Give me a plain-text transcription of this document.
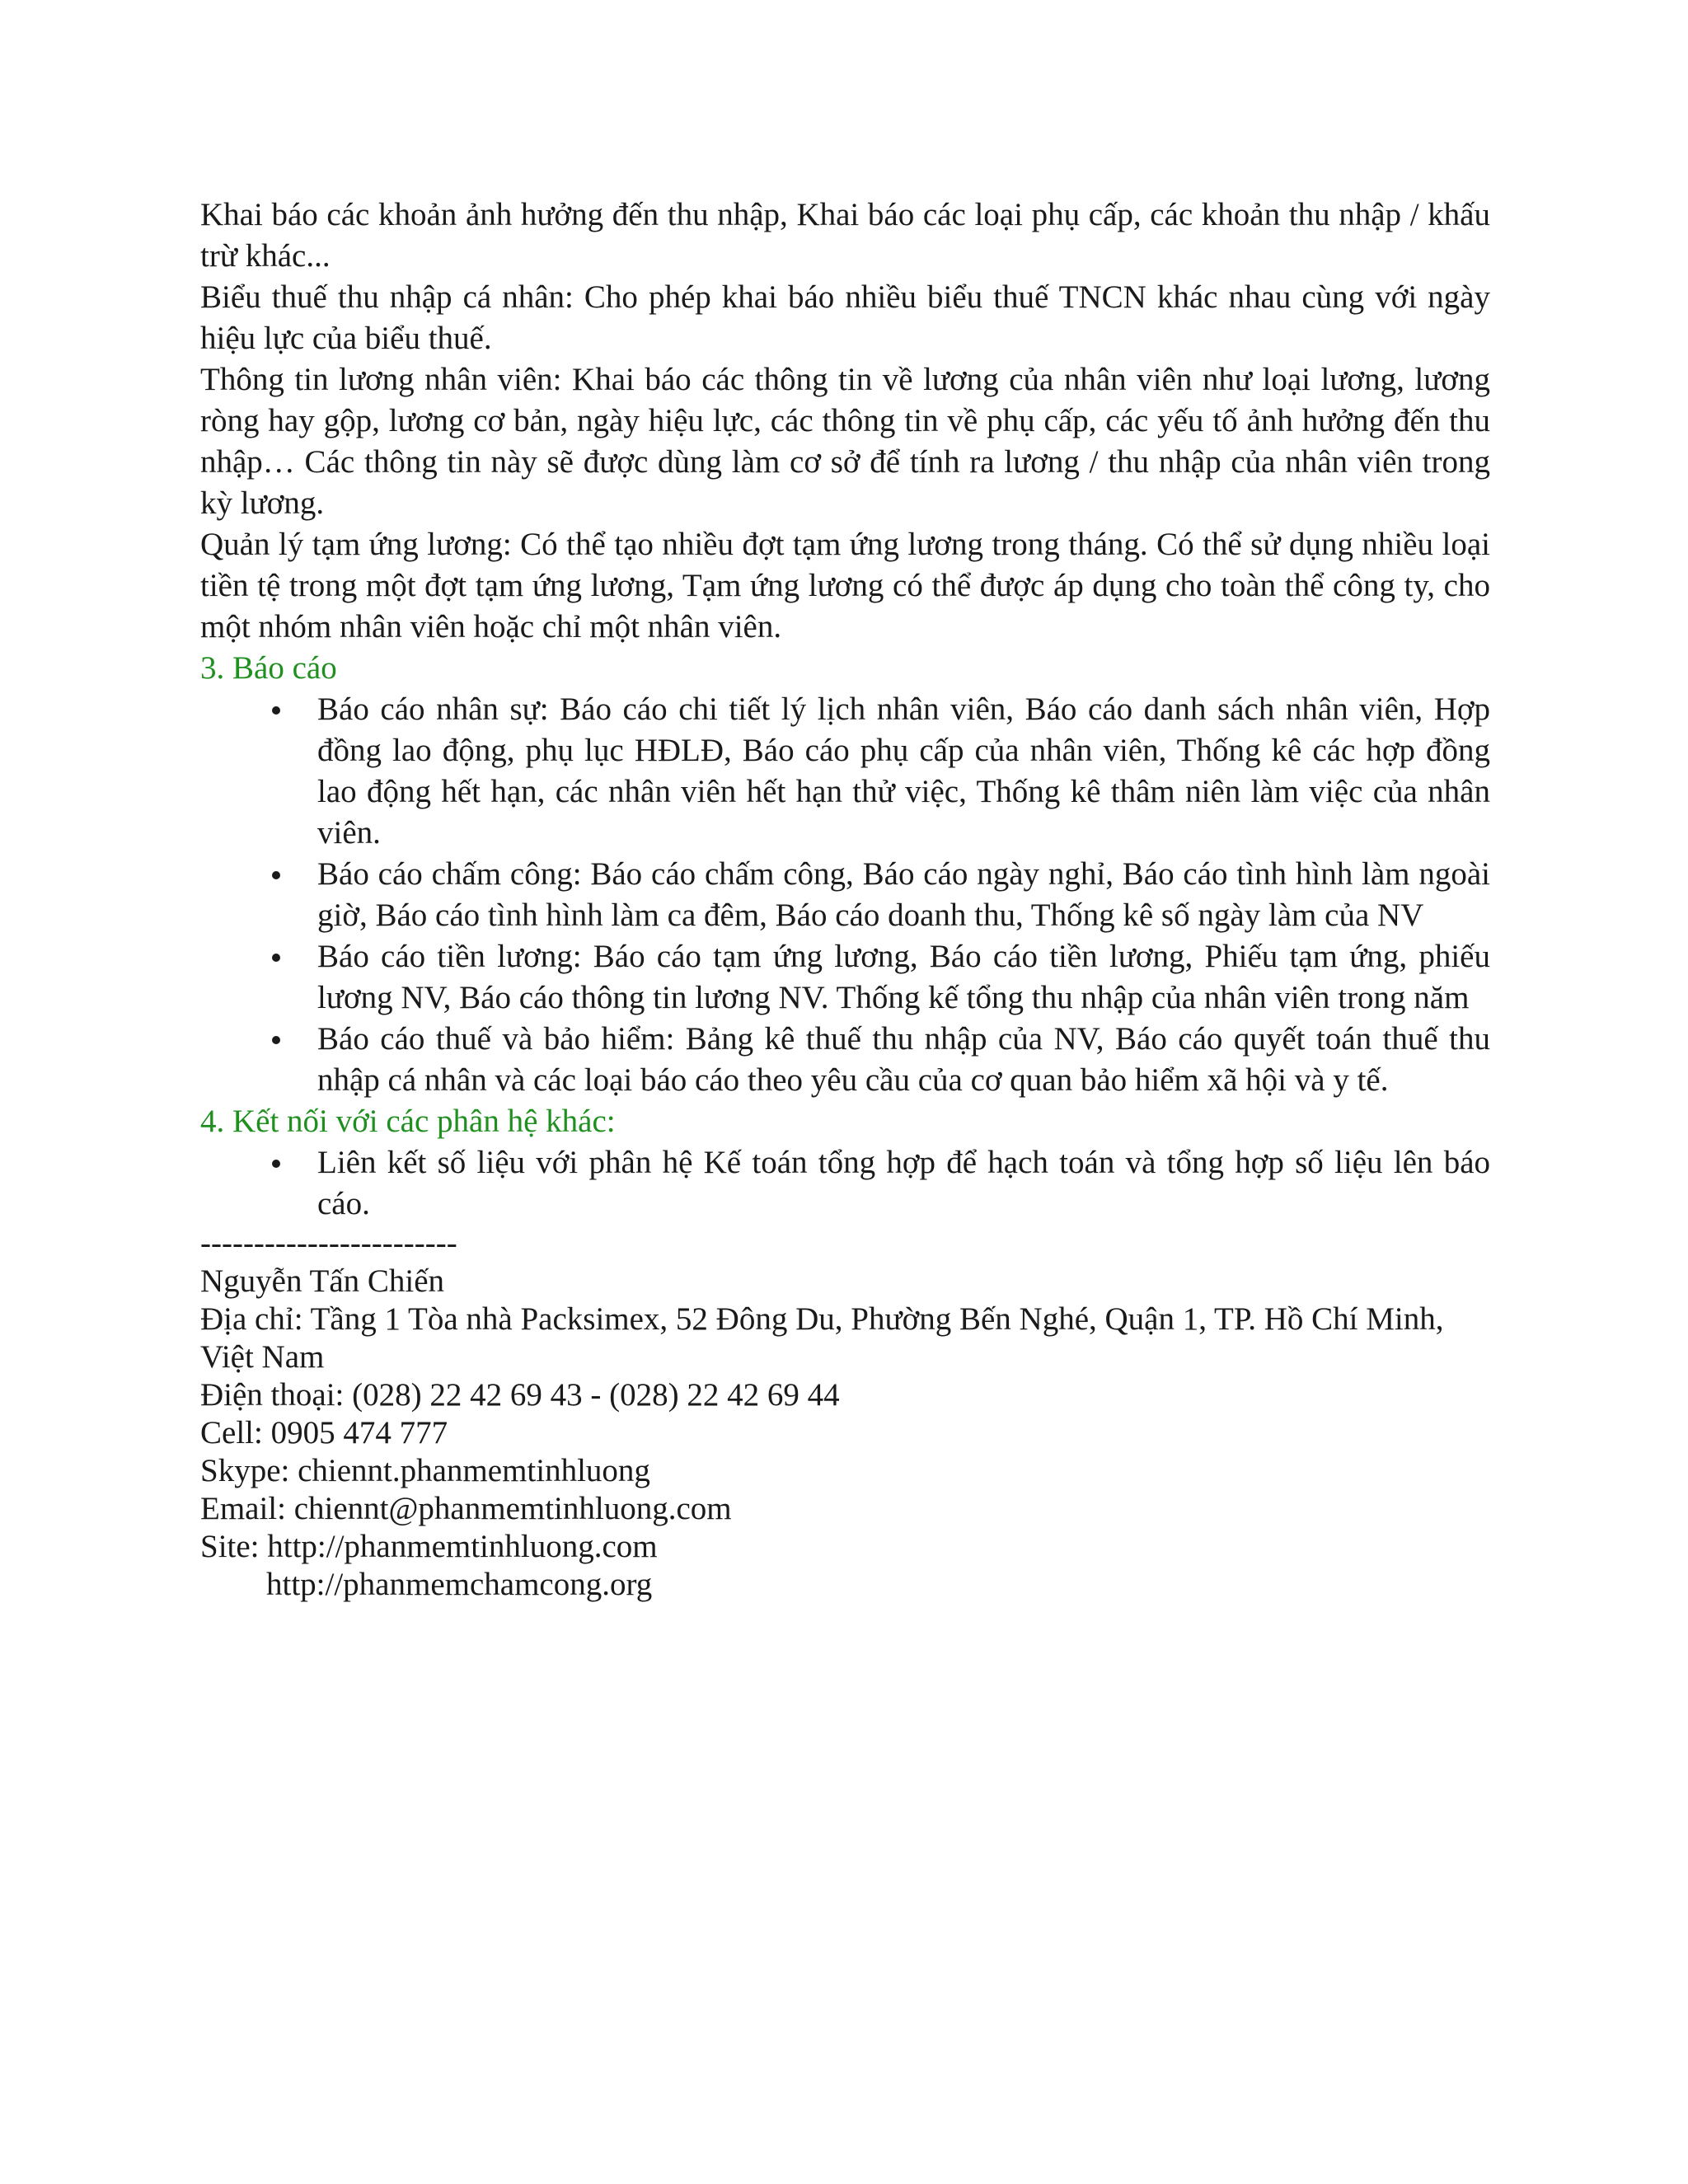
Khai báo các khoản ảnh hưởng đến thu nhập, Khai báo các loại phụ cấp, các khoản thu nhập / khấu trừ khác...

Biểu thuế thu nhập cá nhân: Cho phép khai báo nhiều biểu thuế TNCN khác nhau cùng với ngày hiệu lực của biểu thuế.

Thông tin lương nhân viên: Khai báo các thông tin về lương của nhân viên như loại lương, lương ròng hay gộp, lương cơ bản, ngày hiệu lực, các thông tin về phụ cấp, các yếu tố ảnh hưởng đến thu nhập… Các thông tin này sẽ được dùng làm cơ sở để tính ra lương / thu nhập của nhân viên trong kỳ lương.

Quản lý tạm ứng lương: Có thể tạo nhiều đợt tạm ứng lương trong tháng. Có thể sử dụng nhiều loại tiền tệ trong một đợt tạm ứng lương, Tạm ứng lương có thể được áp dụng cho toàn thể công ty, cho một nhóm nhân viên hoặc chỉ một nhân viên.

3. Báo cáo

Báo cáo nhân sự: Báo cáo chi tiết lý lịch nhân viên, Báo cáo danh sách nhân viên, Hợp đồng lao động, phụ lục HĐLĐ, Báo cáo phụ cấp của nhân viên, Thống kê các hợp đồng lao động hết hạn, các nhân viên hết hạn thử việc, Thống kê thâm niên làm việc của nhân viên.
Báo cáo chấm công: Báo cáo chấm công, Báo cáo ngày nghỉ, Báo cáo tình hình làm ngoài giờ, Báo cáo tình hình làm ca đêm, Báo cáo doanh thu, Thống kê số ngày làm của NV
Báo cáo tiền lương: Báo cáo tạm ứng lương, Báo cáo tiền lương, Phiếu tạm ứng, phiếu lương NV, Báo cáo thông tin lương NV. Thống kế tổng thu nhập của nhân viên trong năm
Báo cáo thuế và bảo hiểm: Bảng kê thuế thu nhập của NV, Báo cáo quyết toán thuế thu nhập cá nhân và các loại báo cáo theo yêu cầu của cơ quan bảo hiểm xã hội và y tế.

4. Kết nối với các phân hệ khác:

Liên kết số liệu với phân hệ Kế toán tổng hợp để hạch toán và tổng hợp số liệu lên báo cáo.

------------------------

Nguyễn Tấn Chiến

Địa chỉ: Tầng 1 Tòa nhà Packsimex, 52 Đông Du, Phường Bến Nghé, Quận 1, TP. Hồ Chí Minh, Việt Nam

Điện thoại: (028) 22 42 69 43 - (028) 22 42 69 44

Cell: 0905 474 777

Skype: chiennt.phanmemtinhluong

Email: chiennt@phanmemtinhluong.com

Site: http://phanmemtinhluong.com

http://phanmemchamcong.org
